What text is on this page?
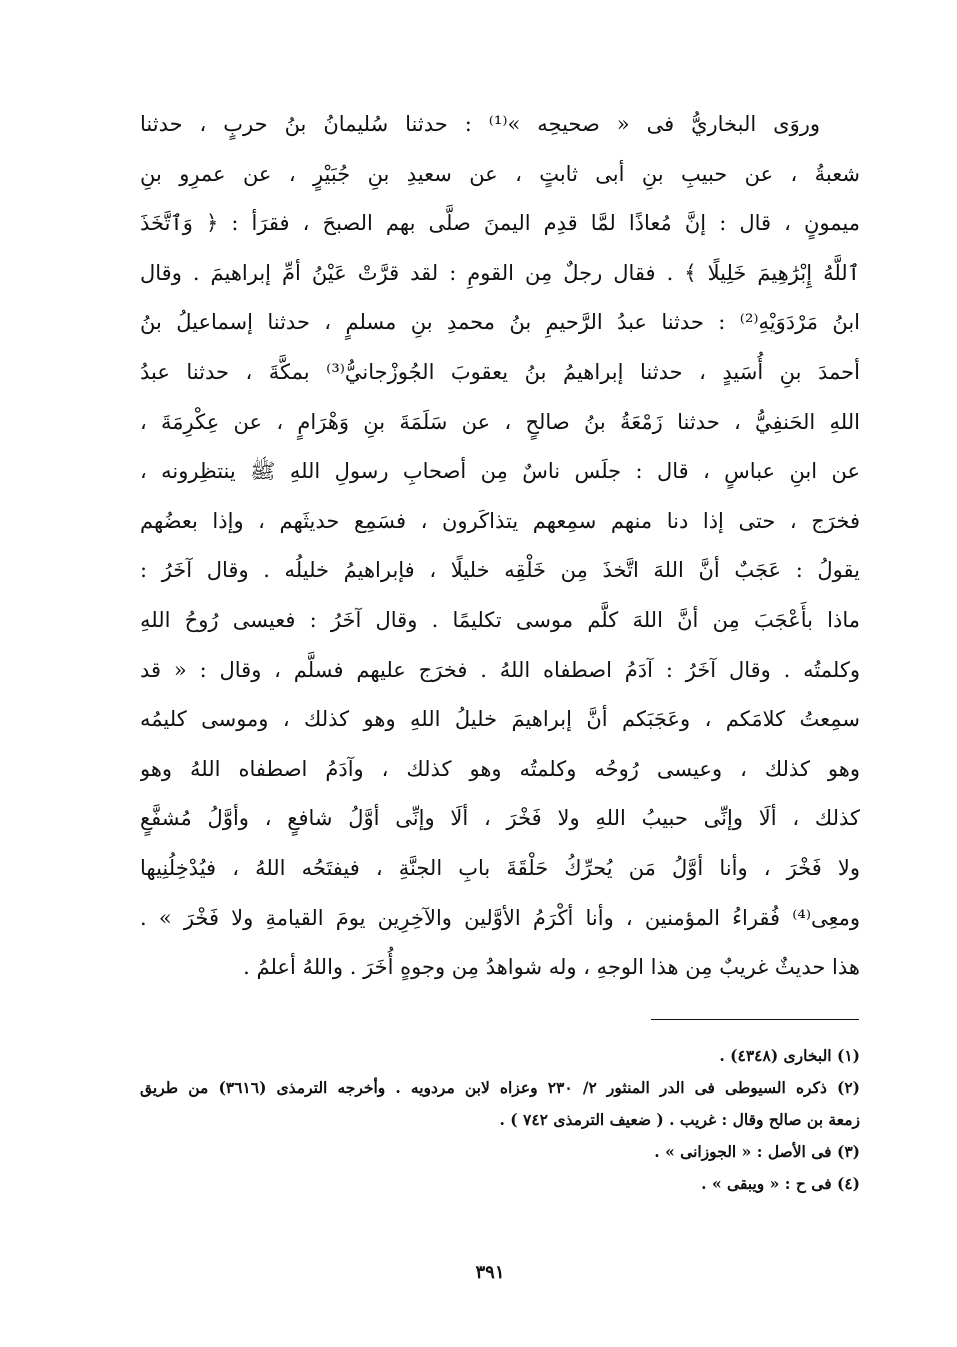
وروَى البخاريُّ فى « صحيحِه »⁽¹⁾ : حدثنا سُليمانُ بنُ حربٍ ، حدثنا
شعبةُ ، عن حبيبِ بنِ أبى ثابتٍ ، عن سعيدِ بنِ جُبَيْرٍ ، عن عمرِو بنِ
ميمونٍ ، قال : إنَّ مُعاذًا لمَّا قدِم اليمنَ صلَّى بهم الصبحَ ، فقرَأ : ﴿ وَٱتَّخَذَ
ٱللَّهُ إِبْرَٰهِيمَ خَلِيلًا ﴾ . فقال رجلٌ مِن القومِ : لقد قرَّتْ عَيْنُ أمِّ إبراهيمَ . وقال
ابنُ مَرْدَوَيْهِ⁽²⁾ : حدثنا عبدُ الرَّحيمِ بنُ محمدِ بنِ مسلمٍ ، حدثنا إسماعيلُ بنُ
أحمدَ بنِ أُسَيدٍ ، حدثنا إبراهيمُ بنُ يعقوبَ الجُوزْجانيُّ⁽³⁾ بمكَّةَ ، حدثنا عبدُ
اللهِ الحَنفِيُّ ، حدثنا زَمْعَةُ بنُ صالحٍ ، عن سَلَمَةَ بنِ وَهْرَامٍ ، عن عِكْرِمَةَ ،
عن ابنِ عباسٍ ، قال : جلَس ناسٌ مِن أصحابِ رسولِ اللهِ ﷺ ينتظِرونه ،
فخرَج ، حتى إذا دنا منهم سمِعهم يتذاكَرون ، فسَمِع حديثَهم ، وإذا بعضُهم
يقولُ : عَجَبٌ أنَّ اللهَ اتَّخذَ مِن خَلْقِه خليلًا ، فإبراهيمُ خليلُه . وقال آخَرُ :
ماذا بأَعْجَبَ مِن أنَّ اللهَ كلَّم موسى تكليمًا . وقال آخَرُ : فعيسى رُوحُ اللهِ
وكلمتُه . وقال آخَرُ : آدَمُ اصطفاه اللهُ . فخرَج عليهم فسلَّم ، وقال : « قد
سمِعتُ كلامَكم ، وعَجَبَكم أنَّ إبراهيمَ خليلُ اللهِ وهو كذلك ، وموسى كليمُه
وهو كذلك ، وعيسى رُوحُه وكلمتُه وهو كذلك ، وآدَمُ اصطفاه اللهُ وهو
كذلك ، ألَا وإنِّى حبيبُ اللهِ ولا فَخْرَ ، ألَا وإنِّى أوَّلُ شافعٍ ، وأوَّلُ مُشفَّعٍ
ولا فَخْرَ ، وأنا أوَّلُ مَن يُحرِّكُ حَلْقَةَ بابِ الجنَّةِ ، فيفتَحُه اللهُ ، فيُدْخِلُنِيها
ومعِى⁽⁴⁾ فُقراءُ المؤمنين ، وأنا أكْرَمُ الأوَّلين والآخِرِين يومَ القيامةِ ولا فَخْرَ » .
هذا حديثٌ غريبٌ مِن هذا الوجهِ ، وله شواهدُ مِن وجوهٍ أُخَرَ . واللهُ أعلمُ .
(١) البخارى (٤٣٤٨) .
(٢) ذكره السيوطى فى الدر المنثور ٢/ ٢٣٠ وعزاه لابن مردويه . وأخرجه الترمذى (٣٦١٦) من طريق
زمعة بن صالح وقال : غريب . ( ضعيف الترمذى ٧٤٢ ) .
(٣) فى الأصل : « الجوزانى » .
(٤) فى ح : « ويبقى » .
٣٩١
